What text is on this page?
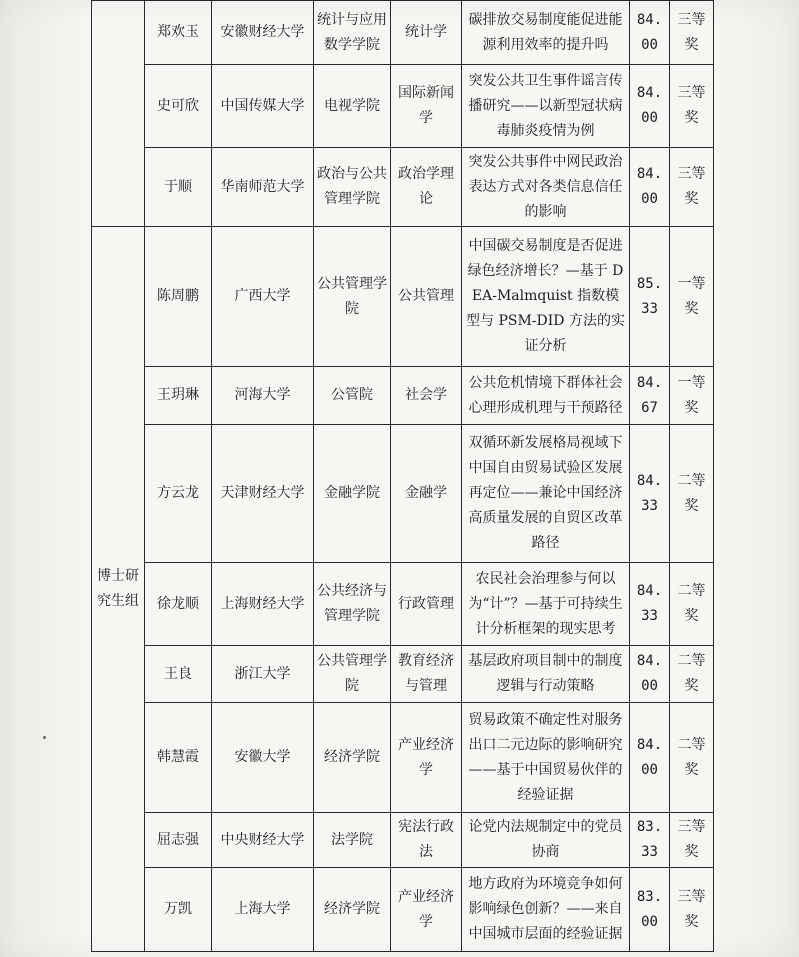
	郑欢玉	安徽财经大学	统计与应用数学学院	统计学	碳排放交易制度能促进能源利用效率的提升吗	84.00	三等奖
	史可欣	中国传媒大学	电视学院	国际新闻学	突发公共卫生事件谣言传播研究——以新型冠状病毒肺炎疫情为例	84.00	三等奖
	于顺	华南师范大学	政治与公共管理学院	政治学理论	突发公共事件中网民政治表达方式对各类信息信任的影响	84.00	三等奖
博士研究生组	陈周鹏	广西大学	公共管理学院	公共管理	中国碳交易制度是否促进绿色经济增长？—基于 DEA-Malmquist 指数模型与 PSM-DID 方法的实证分析	85.33	一等奖
	王玥琳	河海大学	公管院	社会学	公共危机情境下群体社会心理形成机理与干预路径	84.67	一等奖
	方云龙	天津财经大学	金融学院	金融学	双循环新发展格局视域下中国自由贸易试验区发展再定位——兼论中国经济高质量发展的自贸区改革路径	84.33	二等奖
	徐龙顺	上海财经大学	公共经济与管理学院	行政管理	农民社会治理参与何以为“计”？—基于可持续生计分析框架的现实思考	84.33	二等奖
	王良	浙江大学	公共管理学院	教育经济与管理	基层政府项目制中的制度逻辑与行动策略	84.00	二等奖
	韩慧霞	安徽大学	经济学院	产业经济学	贸易政策不确定性对服务出口二元边际的影响研究——基于中国贸易伙伴的经验证据	84.00	二等奖
	屈志强	中央财经大学	法学院	宪法行政法	论党内法规制定中的党员协商	83.33	三等奖
	万凯	上海大学	经济学院	产业经济学	地方政府为环境竞争如何影响绿色创新？——来自中国城市层面的经验证据	83.00	三等奖
